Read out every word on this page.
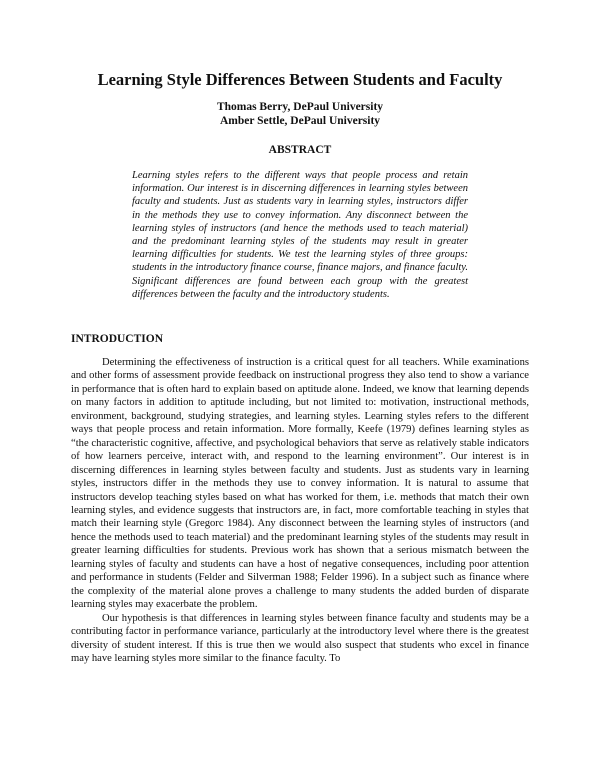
Learning Style Differences Between Students and Faculty
Thomas Berry, DePaul University
Amber Settle, DePaul University
ABSTRACT
Learning styles refers to the different ways that people process and retain information. Our interest is in discerning differences in learning styles between faculty and students. Just as students vary in learning styles, instructors differ in the methods they use to convey information. Any disconnect between the learning styles of instructors (and hence the methods used to teach material) and the predominant learning styles of the students may result in greater learning difficulties for students. We test the learning styles of three groups: students in the introductory finance course, finance majors, and finance faculty. Significant differences are found between each group with the greatest differences between the faculty and the introductory students.
INTRODUCTION

Determining the effectiveness of instruction is a critical quest for all teachers. While examinations and other forms of assessment provide feedback on instructional progress they also tend to show a variance in performance that is often hard to explain based on aptitude alone. Indeed, we know that learning depends on many factors in addition to aptitude including, but not limited to: motivation, instructional methods, environment, background, studying strategies, and learning styles. Learning styles refers to the different ways that people process and retain information. More formally, Keefe (1979) defines learning styles as “the characteristic cognitive, affective, and psychological behaviors that serve as relatively stable indicators of how learners perceive, interact with, and respond to the learning environment”. Our interest is in discerning differences in learning styles between faculty and students. Just as students vary in learning styles, instructors differ in the methods they use to convey information. It is natural to assume that instructors develop teaching styles based on what has worked for them, i.e. methods that match their own learning styles, and evidence suggests that instructors are, in fact, more comfortable teaching in styles that match their learning style (Gregorc 1984). Any disconnect between the learning styles of instructors (and hence the methods used to teach material) and the predominant learning styles of the students may result in greater learning difficulties for students. Previous work has shown that a serious mismatch between the learning styles of faculty and students can have a host of negative consequences, including poor attention and performance in students (Felder and Silverman 1988; Felder 1996). In a subject such as finance where the complexity of the material alone proves a challenge to many students the added burden of disparate learning styles may exacerbate the problem.

Our hypothesis is that differences in learning styles between finance faculty and students may be a contributing factor in performance variance, particularly at the introductory level where there is the greatest diversity of student interest. If this is true then we would also suspect that students who excel in finance may have learning styles more similar to the finance faculty. To
